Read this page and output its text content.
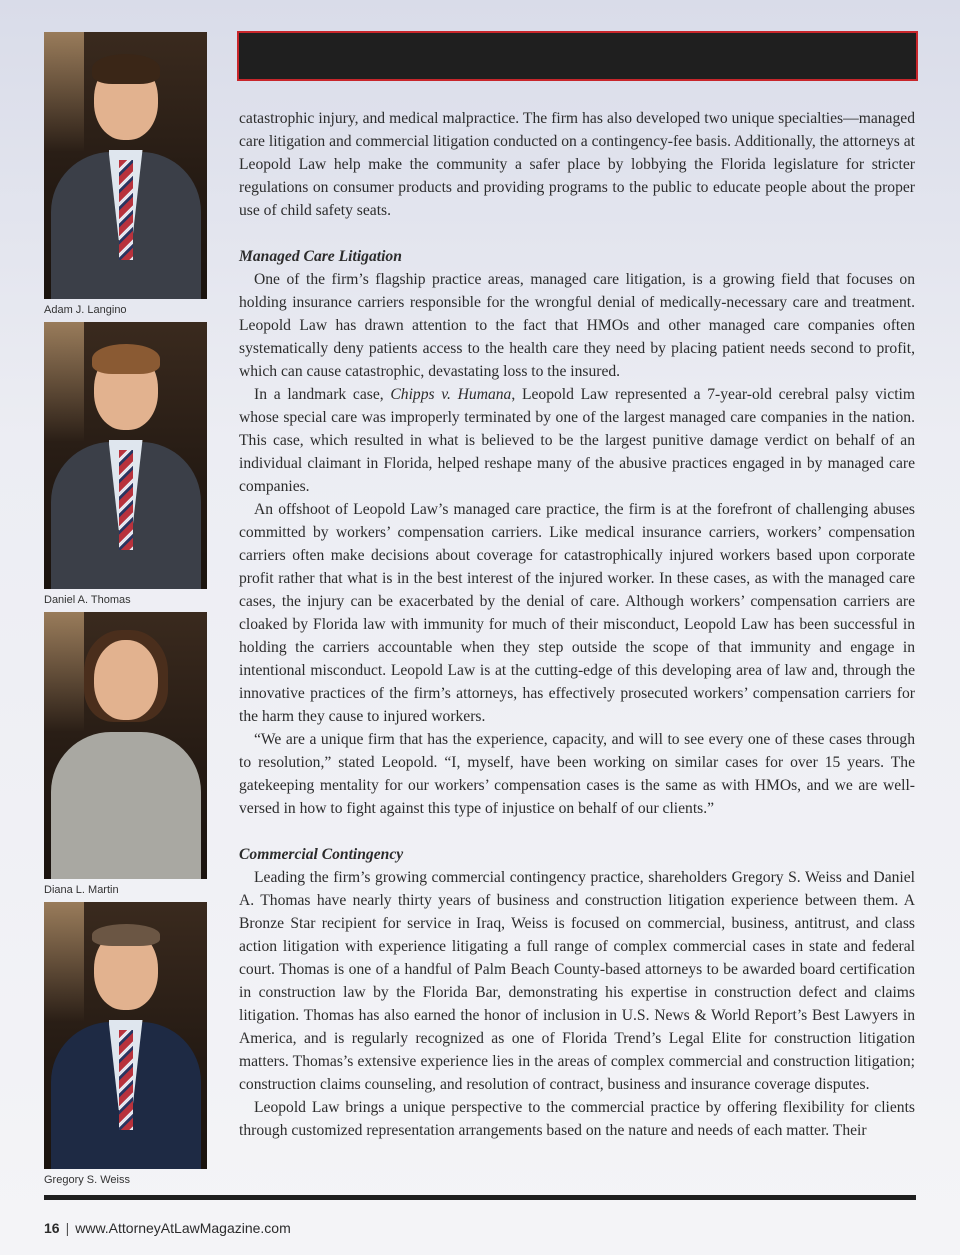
Adam J. Langino
Daniel A. Thomas
Diana L. Martin
Gregory S. Weiss

catastrophic injury, and medical malpractice. The firm has also developed two unique specialties—managed care litigation and commercial litigation conducted on a contingency-fee basis. Additionally, the attorneys at Leopold Law help make the community a safer place by lobbying the Florida legislature for stricter regulations on consumer products and providing programs to the public to educate people about the proper use of child safety seats.

Managed Care Litigation

One of the firm’s flagship practice areas, managed care litigation, is a growing field that focuses on holding insurance carriers responsible for the wrongful denial of medically-necessary care and treatment. Leopold Law has drawn attention to the fact that HMOs and other managed care companies often systematically deny patients access to the health care they need by placing patient needs second to profit, which can cause catastrophic, devastating loss to the insured.

In a landmark case, Chipps v. Humana, Leopold Law represented a 7-year-old cerebral palsy victim whose special care was improperly terminated by one of the largest managed care companies in the nation. This case, which resulted in what is believed to be the largest punitive damage verdict on behalf of an individual claimant in Florida, helped reshape many of the abusive practices engaged in by managed care companies.

An offshoot of Leopold Law’s managed care practice, the firm is at the forefront of challenging abuses committed by workers’ compensation carriers. Like medical insurance carriers, workers’ compensation carriers often make decisions about coverage for catastrophically injured workers based upon corporate profit rather that what is in the best interest of the injured worker. In these cases, as with the managed care cases, the injury can be exacerbated by the denial of care. Although workers’ compensation carriers are cloaked by Florida law with immunity for much of their misconduct, Leopold Law has been successful in holding the carriers accountable when they step outside the scope of that immunity and engage in intentional misconduct. Leopold Law is at the cutting-edge of this developing area of law and, through the innovative practices of the firm’s attorneys, has effectively prosecuted workers’ compensation carriers for the harm they cause to injured workers.

“We are a unique firm that has the experience, capacity, and will to see every one of these cases through to resolution,” stated Leopold. “I, myself, have been working on similar cases for over 15 years. The gatekeeping mentality for our workers’ compensation cases is the same as with HMOs, and we are well-versed in how to fight against this type of injustice on behalf of our clients.”

Commercial Contingency

Leading the firm’s growing commercial contingency practice, shareholders Gregory S. Weiss and Daniel A. Thomas have nearly thirty years of business and construction litigation experience between them. A Bronze Star recipient for service in Iraq, Weiss is focused on commercial, business, antitrust, and class action litigation with experience litigating a full range of complex commercial cases in state and federal court. Thomas is one of a handful of Palm Beach County-based attorneys to be awarded board certification in construction law by the Florida Bar, demonstrating his expertise in construction defect and claims litigation. Thomas has also earned the honor of inclusion in U.S. News & World Report’s Best Lawyers in America, and is regularly recognized as one of Florida Trend’s Legal Elite for construction litigation matters. Thomas’s extensive experience lies in the areas of complex commercial and construction litigation; construction claims counseling, and resolution of contract, business and insurance coverage disputes.

Leopold Law brings a unique perspective to the commercial practice by offering flexibility for clients through customized representation arrangements based on the nature and needs of each matter. Their

16 | www.AttorneyAtLawMagazine.com
